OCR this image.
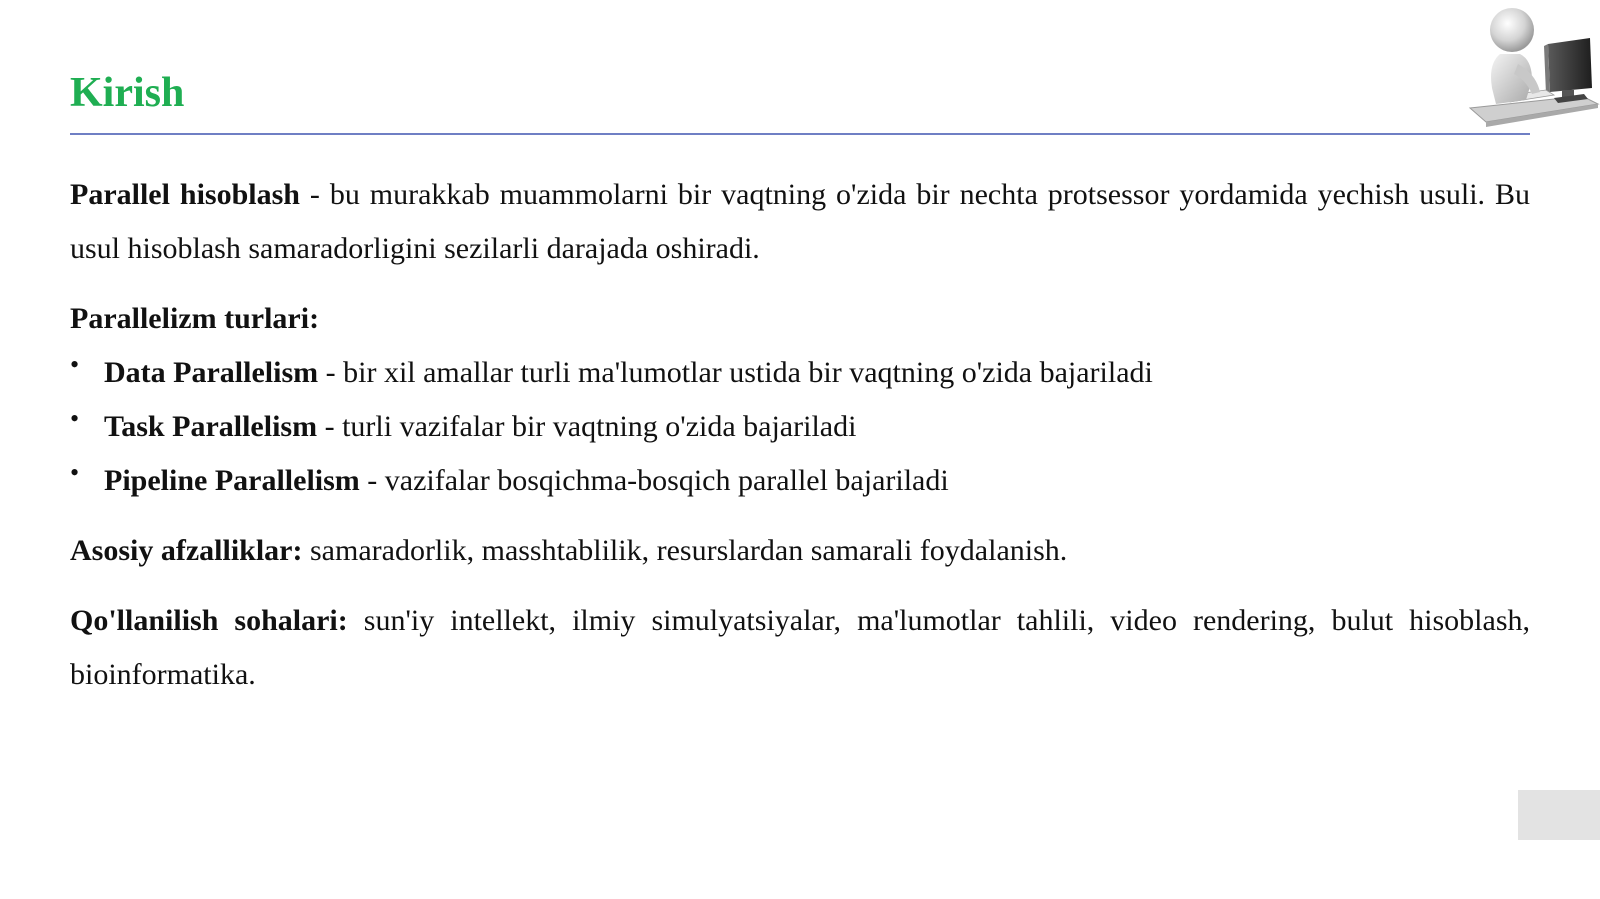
Kirish

Parallel hisoblash - bu murakkab muammolarni bir vaqtning o'zida bir nechta protsessor yordamida yechish usuli. Bu usul hisoblash samaradorligini sezilarli darajada oshiradi.

Parallelizm turlari:

• Data Parallelism - bir xil amallar turli ma'lumotlar ustida bir vaqtning o'zida bajariladi
• Task Parallelism - turli vazifalar bir vaqtning o'zida bajariladi
• Pipeline Parallelism - vazifalar bosqichma-bosqich parallel bajariladi

Asosiy afzalliklar: samaradorlik, masshtablilik, resurslardan samarali foydalanish.

Qo'llanilish sohalari: sun'iy intellekt, ilmiy simulyatsiyalar, ma'lumotlar tahlili, video rendering, bulut hisoblash, bioinformatika.
